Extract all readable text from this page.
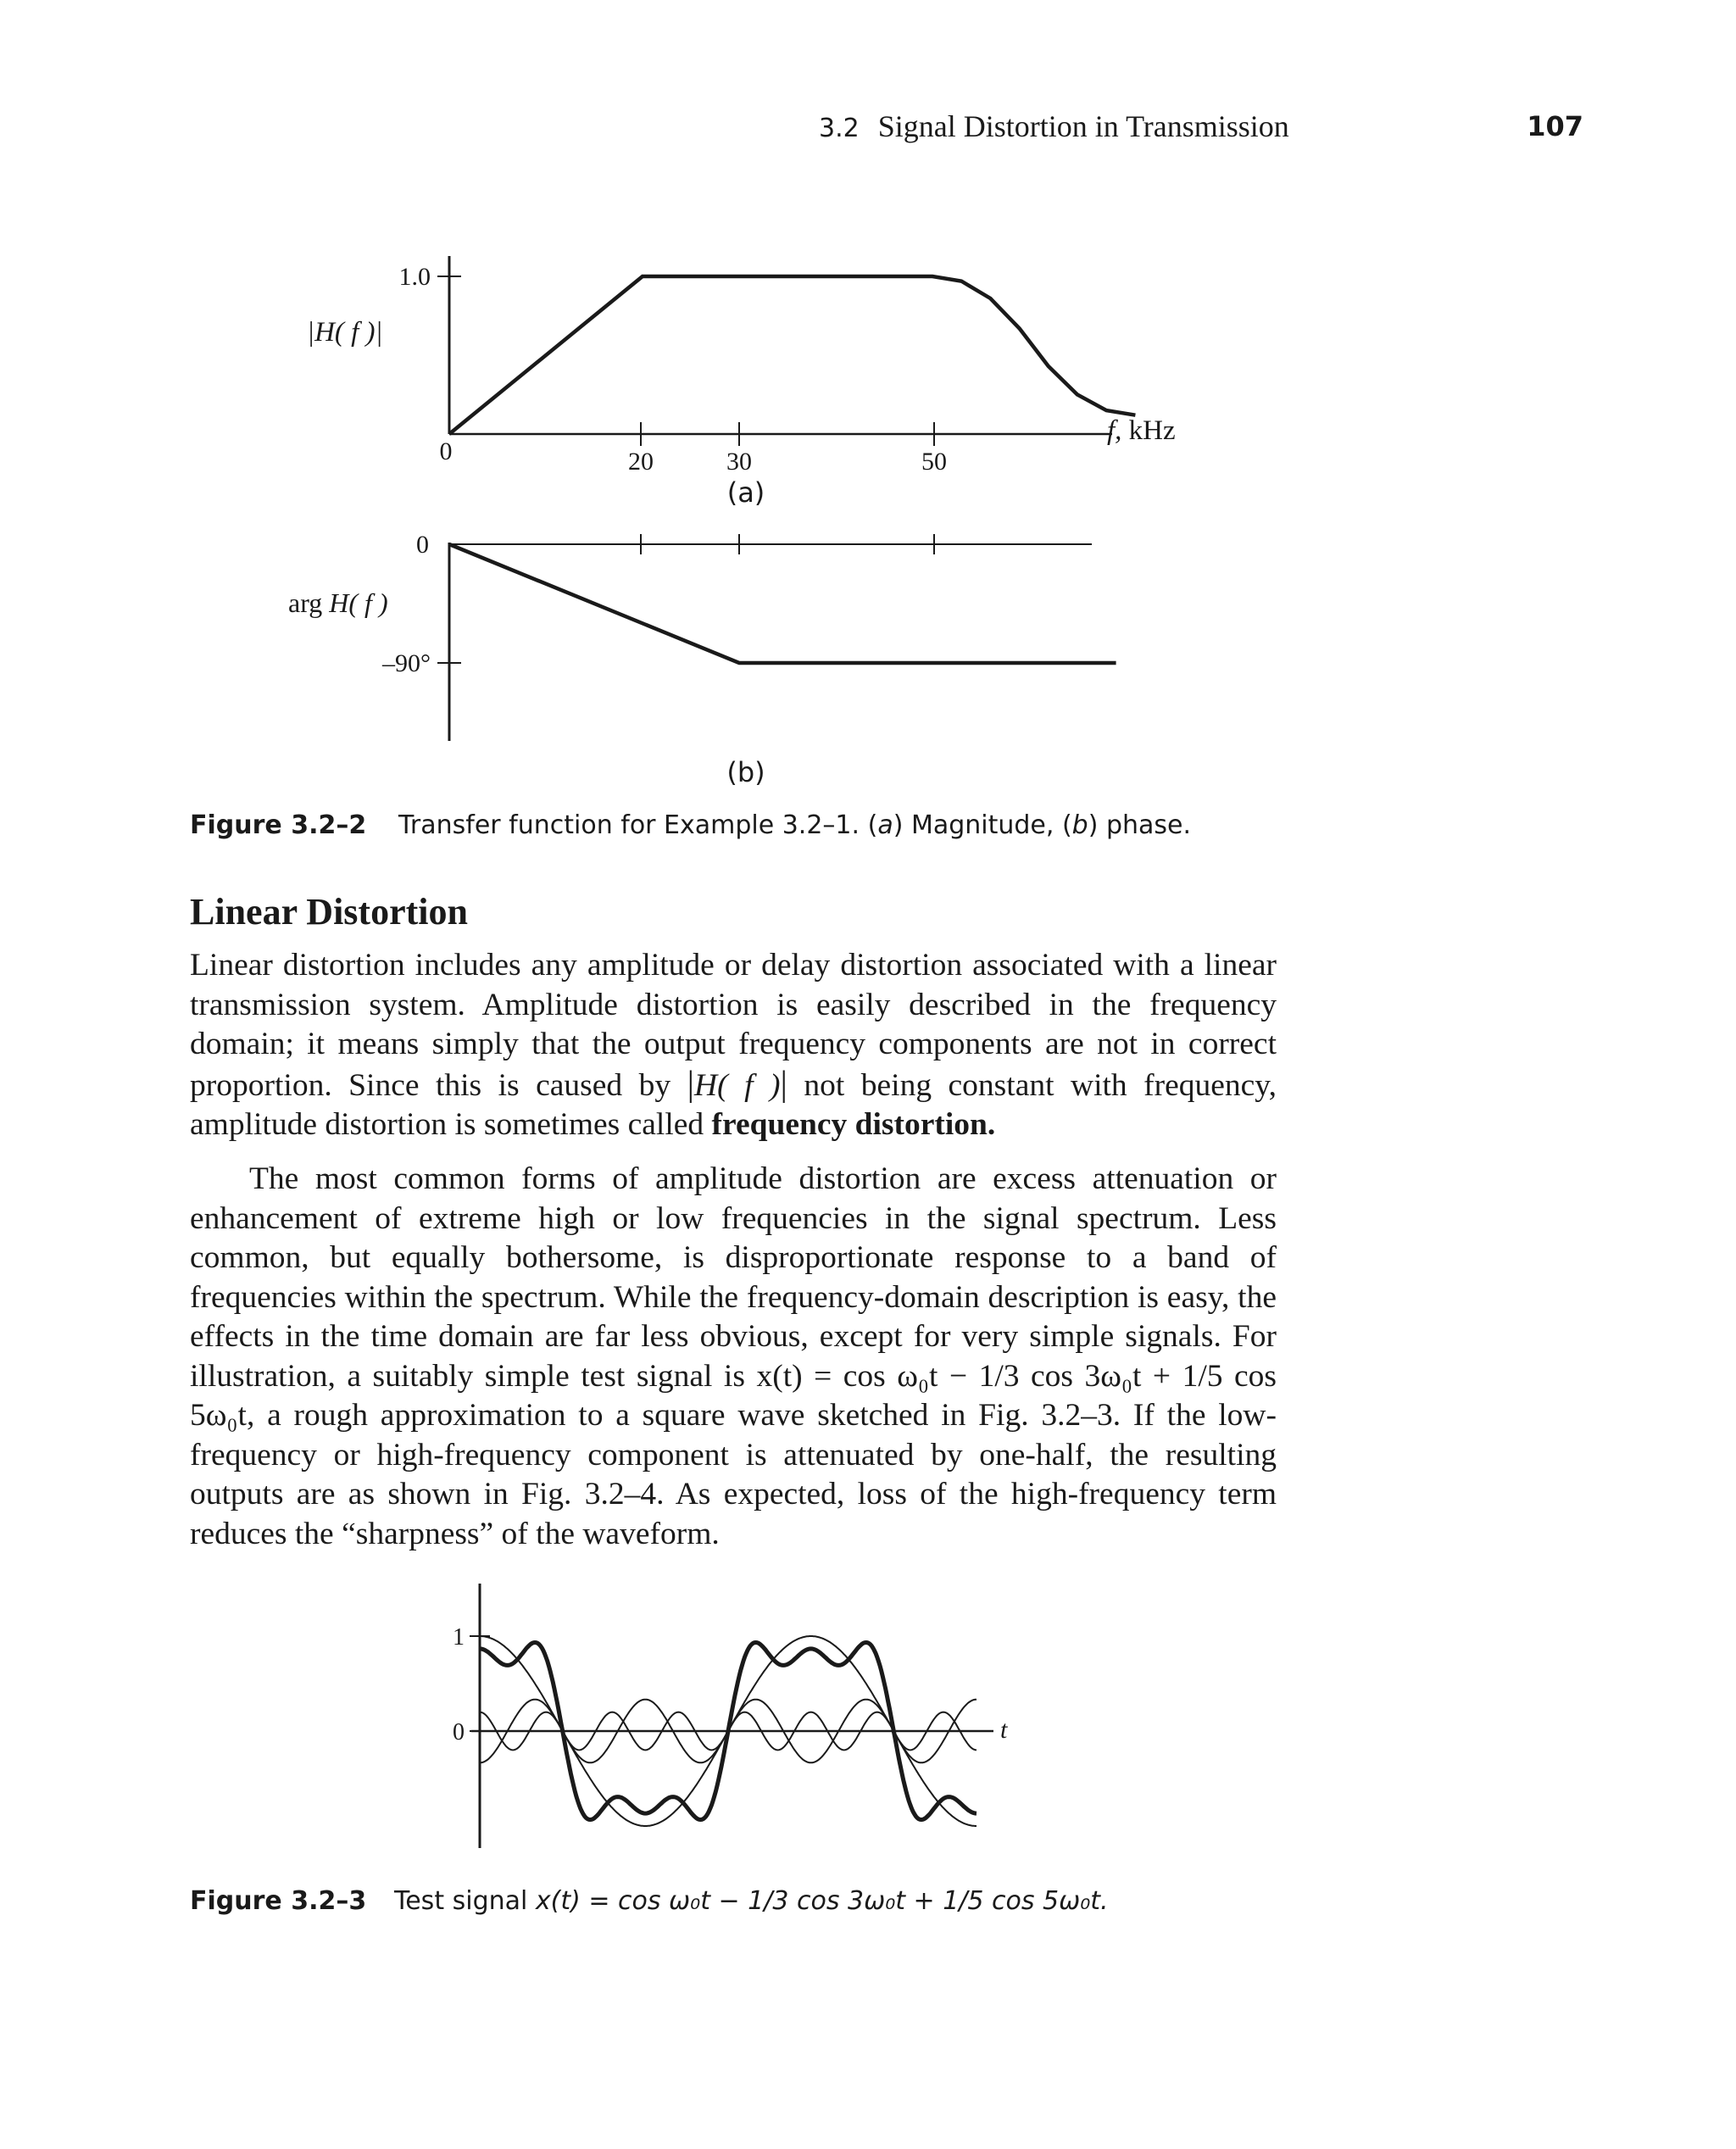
3.2 Signal Distortion in Transmission	107
1.0
|H( f )|
0	20	30	50
f, kHz
(a)
0
–90°
arg H( f )
(b)
Figure 3.2–2 Transfer function for Example 3.2–1. (a) Magnitude, (b) phase.
Linear Distortion

Linear distortion includes any amplitude or delay distortion associated with a linear transmission system. Amplitude distortion is easily described in the frequency domain; it means simply that the output frequency components are not in correct proportion. Since this is caused by |H( f )| not being constant with frequency, amplitude distortion is sometimes called frequency distortion.

The most common forms of amplitude distortion are excess attenuation or enhancement of extreme high or low frequencies in the signal spectrum. Less common, but equally bothersome, is disproportionate response to a band of frequencies within the spectrum. While the frequency-domain description is easy, the effects in the time domain are far less obvious, except for very simple signals. For illustration, a suitably simple test signal is x(t) = cos ω₀t − 1/3 cos 3ω₀t + 1/5 cos 5ω₀t, a rough approximation to a square wave sketched in Fig. 3.2–3. If the low-frequency or high-frequency component is attenuated by one-half, the resulting outputs are as shown in Fig. 3.2–4. As expected, loss of the high-frequency term reduces the “sharpness” of the waveform.

1
0	t
Figure 3.2–3 Test signal x(t) = cos ω₀t − 1/3 cos 3ω₀t + 1/5 cos 5ω₀t.
